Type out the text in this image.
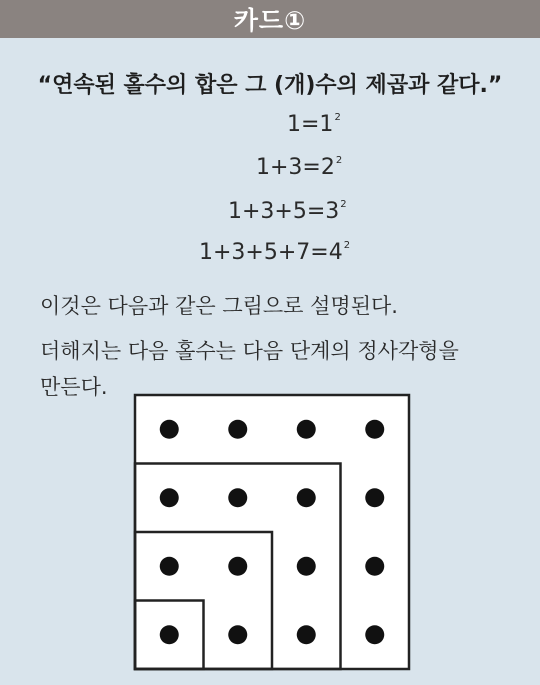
카드①
“연속된 홀수의 합은 그 (개)수의 제곱과 같다.”
$1=1^2$
$1+3=2^2$
$1+3+5=3^2$
$1+3+5+7=4^2$
이것은 다음과 같은 그림으로 설명된다.
더해지는 다음 홀수는 다음 단계의 정사각형을
만든다.
